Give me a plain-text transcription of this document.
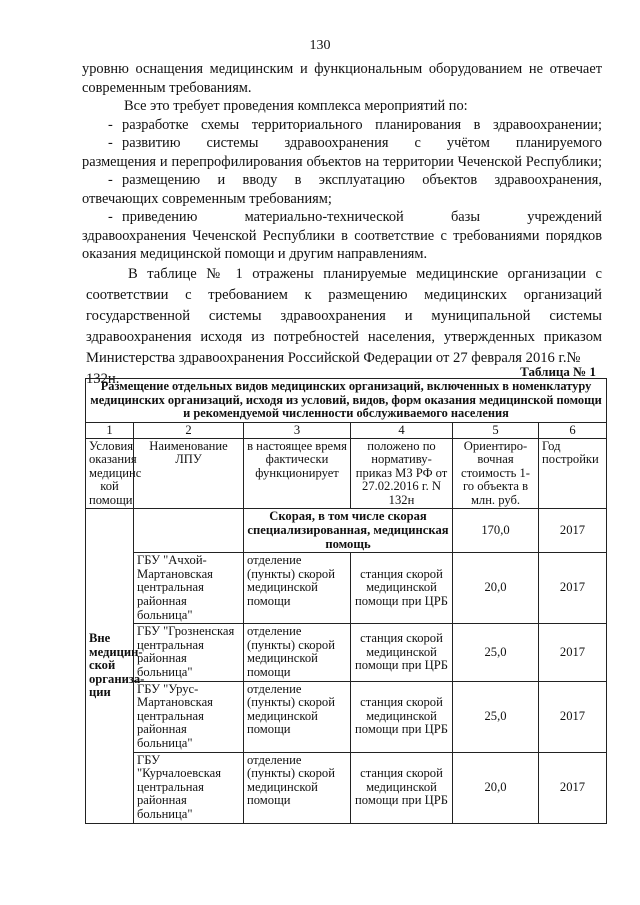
130

уровню оснащения медицинским и функциональным оборудованием не отвечает

современным требованиям.

Все это требует проведения комплекса мероприятий по:

- разработке схемы территориального планирования в здравоохранении;
- развитию системы здравоохранения с учётом планируемого

размещения и перепрофилирования объектов на территории Чеченской Республики;

- размещению и вводу в эксплуатацию объектов здравоохранения,

отвечающих современным требованиям;

- приведению материально-технической базы учреждений

здравоохранения Чеченской Республики в соответствие с требованиями порядков

оказания медицинской помощи и другим направлениям.

В таблице № 1 отражены планируемые медицинские организации с

соответствии с требованием к размещению медицинских организаций

государственной системы здравоохранения и муниципальной системы

здравоохранения исходя из потребностей населения, утвержденных приказом

Министерства здравоохранения Российской Федерации от 27 февраля 2016 г.№ 132н.	Таблица № 1
Размещение отдельных видов медицинских организаций, включенных в номенклатуру медицинских организаций, исходя из условий, видов, форм оказания медицинской помощи и рекомендуемой численности обслуживаемого населения					
1	2	3	4	5	6
Условия оказания медицинс кой помощи	Наименование ЛПУ	в настоящее время фактически функционирует	положено по нормативу- приказ МЗ РФ от 27.02.2016 г. N 132н	Ориентиро- вочная стоимость 1- го объекта в млн. руб.	Год постройки
Вне медицин- ской организа- ции		Скорая, в том числе скорая специализированная, медицинская помощь		170,0	2017
	ГБУ "Ачхой-Мартановская центральная районная больница"	отделение (пункты) скорой медицинской помощи	станция скорой медицинской помощи при ЦРБ	20,0	2017
	ГБУ "Грозненская центральная районная больница"	отделение (пункты) скорой медицинской помощи	станция скорой медицинской помощи при ЦРБ	25,0	2017
	ГБУ "Урус-Мартановская центральная районная больница"	отделение (пункты) скорой медицинской помощи	станция скорой медицинской помощи при ЦРБ	25,0	2017
	ГБУ "Курчалоевская центральная районная больница"	отделение (пункты) скорой медицинской помощи	станция скорой медицинской помощи при ЦРБ	20,0	2017
